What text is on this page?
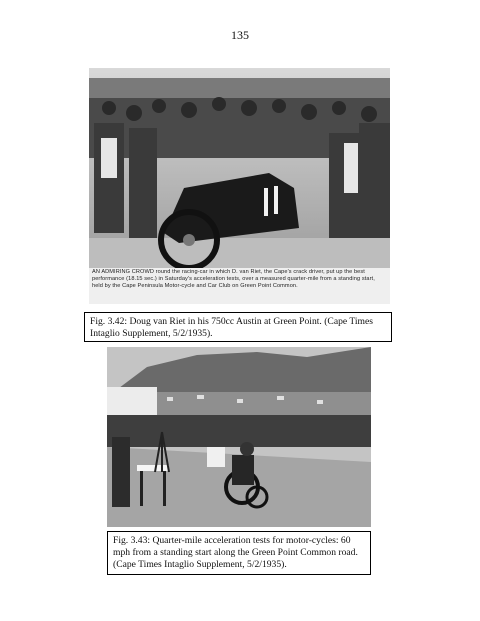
135
AN ADMIRING CROWD round the racing-car in which D. van Riet, the Cape's crack driver, put up the best performance (18.15 sec.) in Saturday's acceleration tests, over a measured quarter-mile from a standing start, held by the Cape Peninsula Motor-cycle and Car Club on Green Point Common.
Fig. 3.42: Doug van Riet in his 750cc Austin at Green Point. (Cape Times Intaglio Supplement, 5/2/1935).
Fig. 3.43: Quarter-mile acceleration tests for motor-cycles: 60 mph from a standing start along the Green Point Common road. (Cape Times Intaglio Supplement, 5/2/1935).
